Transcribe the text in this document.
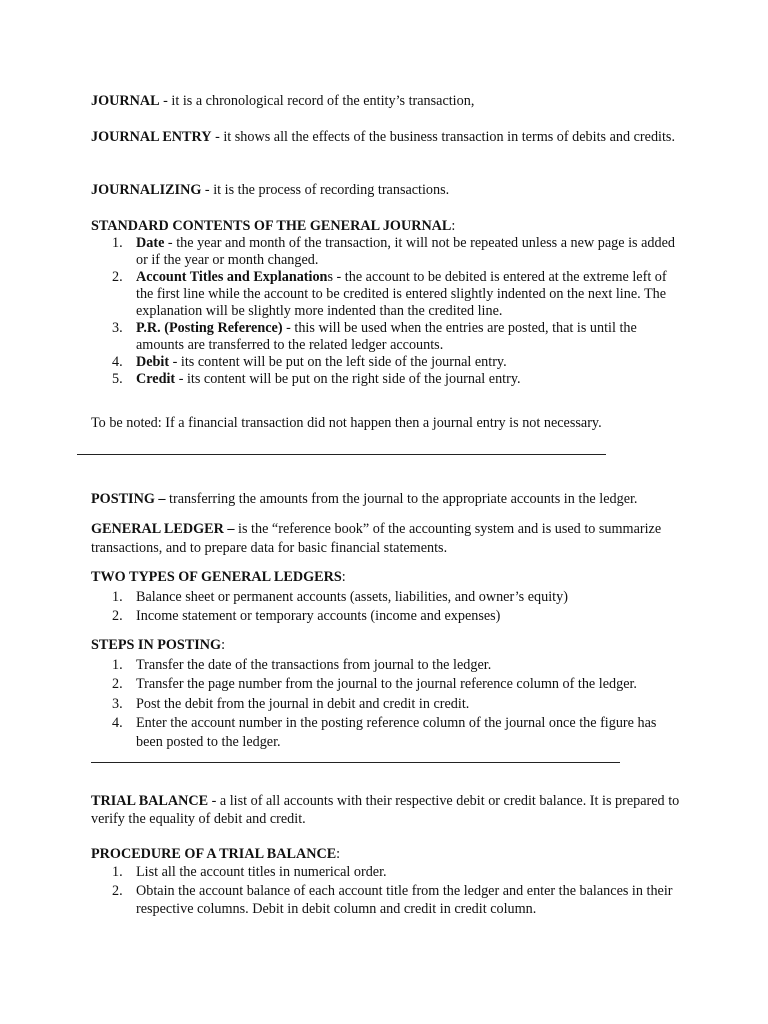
JOURNAL - it is a chronological record of the entity’s transaction,

JOURNAL ENTRY - it shows all the effects of the business transaction in terms of debits and credits.

JOURNALIZING - it is the process of recording transactions.

STANDARD CONTENTS OF THE GENERAL JOURNAL:

1. Date - the year and month of the transaction, it will not be repeated unless a new page is added or if the year or month changed.
2. Account Titles and Explanations - the account to be debited is entered at the extreme left of the first line while the account to be credited is entered slightly indented on the next line. The explanation will be slightly more indented than the credited line.
3. P.R. (Posting Reference) - this will be used when the entries are posted, that is until the amounts are transferred to the related ledger accounts.
4. Debit - its content will be put on the left side of the journal entry.
5. Credit - its content will be put on the right side of the journal entry.

To be noted: If a financial transaction did not happen then a journal entry is not necessary.

POSTING – transferring the amounts from the journal to the appropriate accounts in the ledger.

GENERAL LEDGER – is the “reference book” of the accounting system and is used to summarize transactions, and to prepare data for basic financial statements.

TWO TYPES OF GENERAL LEDGERS:

1. Balance sheet or permanent accounts (assets, liabilities, and owner’s equity)
2. Income statement or temporary accounts (income and expenses)

STEPS IN POSTING:

1. Transfer the date of the transactions from journal to the ledger.
2. Transfer the page number from the journal to the journal reference column of the ledger.
3. Post the debit from the journal in debit and credit in credit.
4. Enter the account number in the posting reference column of the journal once the figure has been posted to the ledger.

TRIAL BALANCE - a list of all accounts with their respective debit or credit balance. It is prepared to verify the equality of debit and credit.

PROCEDURE OF A TRIAL BALANCE:

1. List all the account titles in numerical order.
2. Obtain the account balance of each account title from the ledger and enter the balances in their respective columns. Debit in debit column and credit in credit column.
